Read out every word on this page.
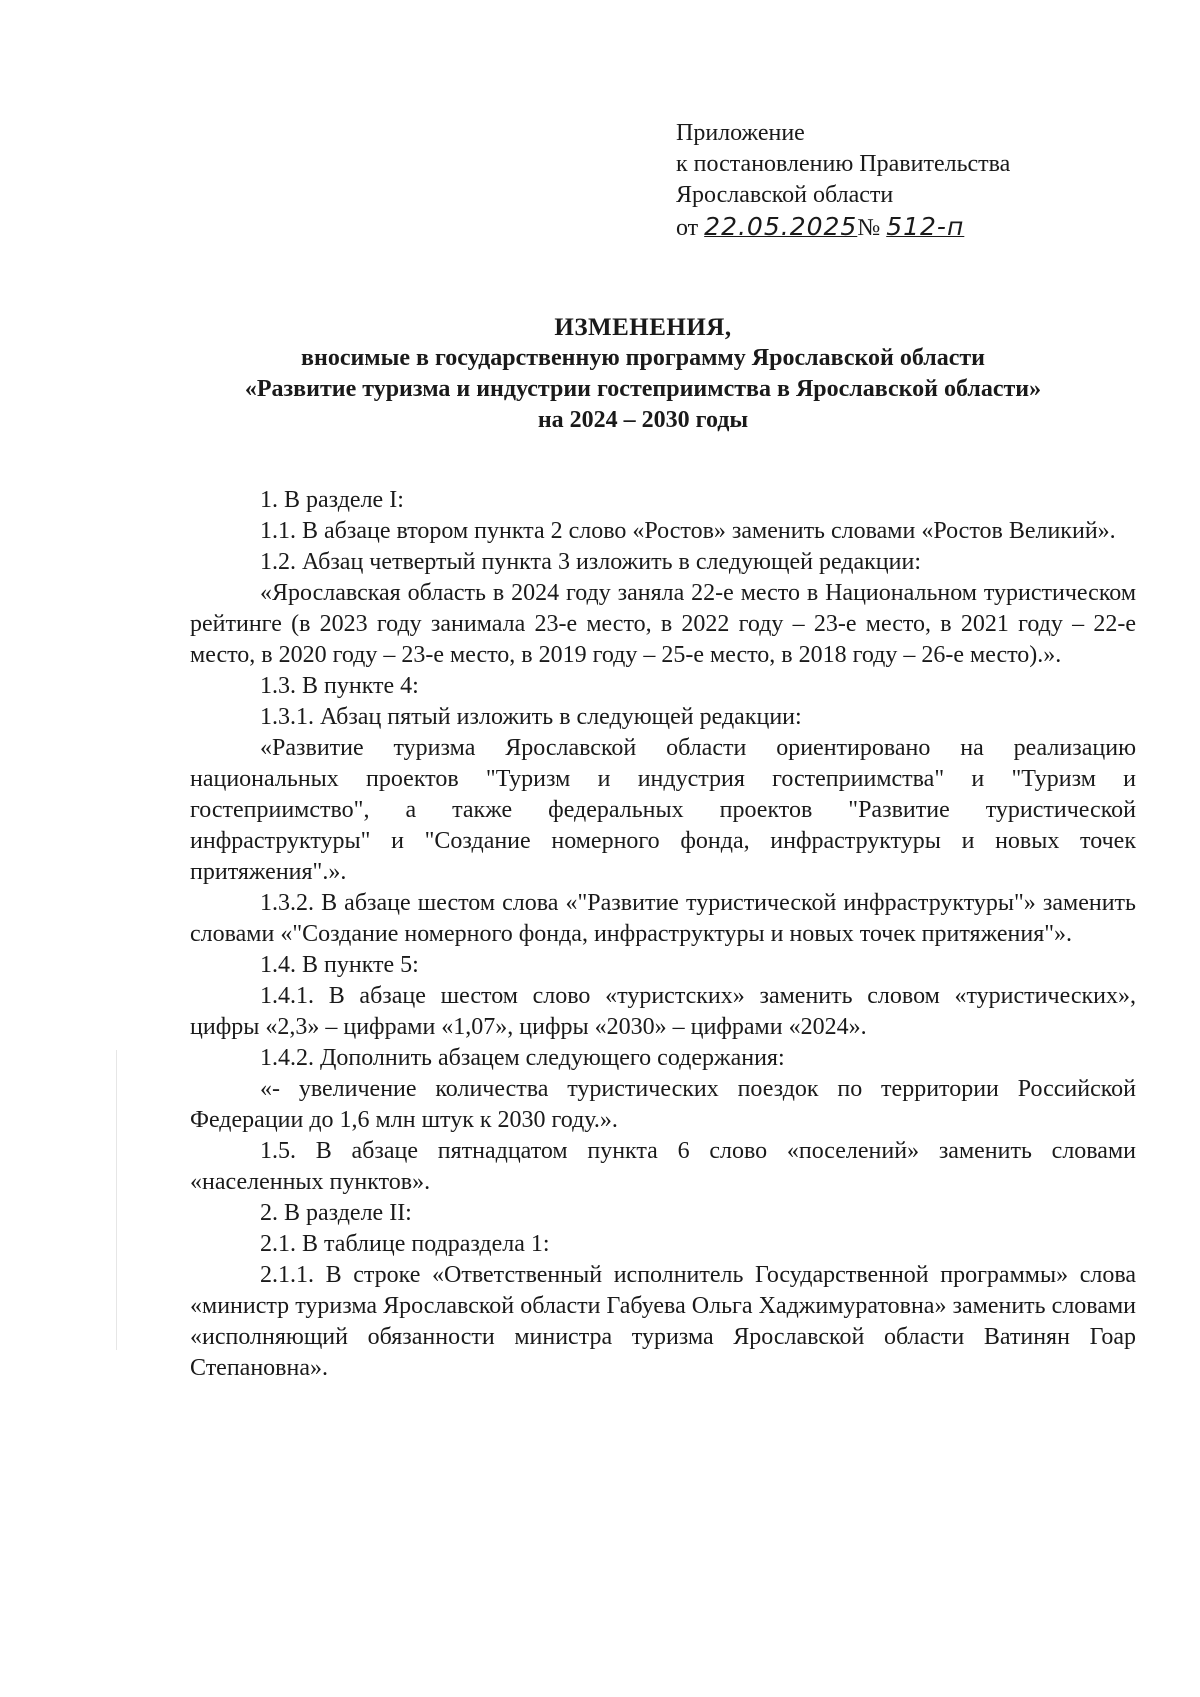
Приложение
к постановлению Правительства
Ярославской области
от 22.05.2025№ 512-п
ИЗМЕНЕНИЯ,
вносимые в государственную программу Ярославской области
«Развитие туризма и индустрии гостеприимства в Ярославской области»
на 2024 – 2030 годы

1. В разделе I:

1.1. В абзаце втором пункта 2 слово «Ростов» заменить словами «Ростов Великий».

1.2. Абзац четвертый пункта 3 изложить в следующей редакции:

«Ярославская область в 2024 году заняла 22-е место в Национальном туристическом рейтинге (в 2023 году занимала 23-е место, в 2022 году – 23-е место, в 2021 году – 22-е место, в 2020 году – 23-е место, в 2019 году – 25-е место, в 2018 году – 26-е место).».

1.3. В пункте 4:

1.3.1. Абзац пятый изложить в следующей редакции:

«Развитие туризма Ярославской области ориентировано на реализацию национальных проектов "Туризм и индустрия гостеприимства" и "Туризм и гостеприимство", а также федеральных проектов "Развитие туристической инфраструктуры" и "Создание номерного фонда, инфраструктуры и новых точек притяжения".».

1.3.2. В абзаце шестом слова «"Развитие туристической инфраструктуры"» заменить словами «"Создание номерного фонда, инфраструктуры и новых точек притяжения"».

1.4. В пункте 5:

1.4.1. В абзаце шестом слово «туристских» заменить словом «туристических», цифры «2,3» – цифрами «1,07», цифры «2030» – цифрами «2024».

1.4.2. Дополнить абзацем следующего содержания:

«- увеличение количества туристических поездок по территории Российской Федерации до 1,6 млн штук к 2030 году.».

1.5. В абзаце пятнадцатом пункта 6 слово «поселений» заменить словами «населенных пунктов».

2. В разделе II:

2.1. В таблице подраздела 1:

2.1.1. В строке «Ответственный исполнитель Государственной программы» слова «министр туризма Ярославской области Габуева Ольга Хаджимуратовна» заменить словами «исполняющий обязанности министра туризма Ярославской области Ватинян Гоар Степановна».
